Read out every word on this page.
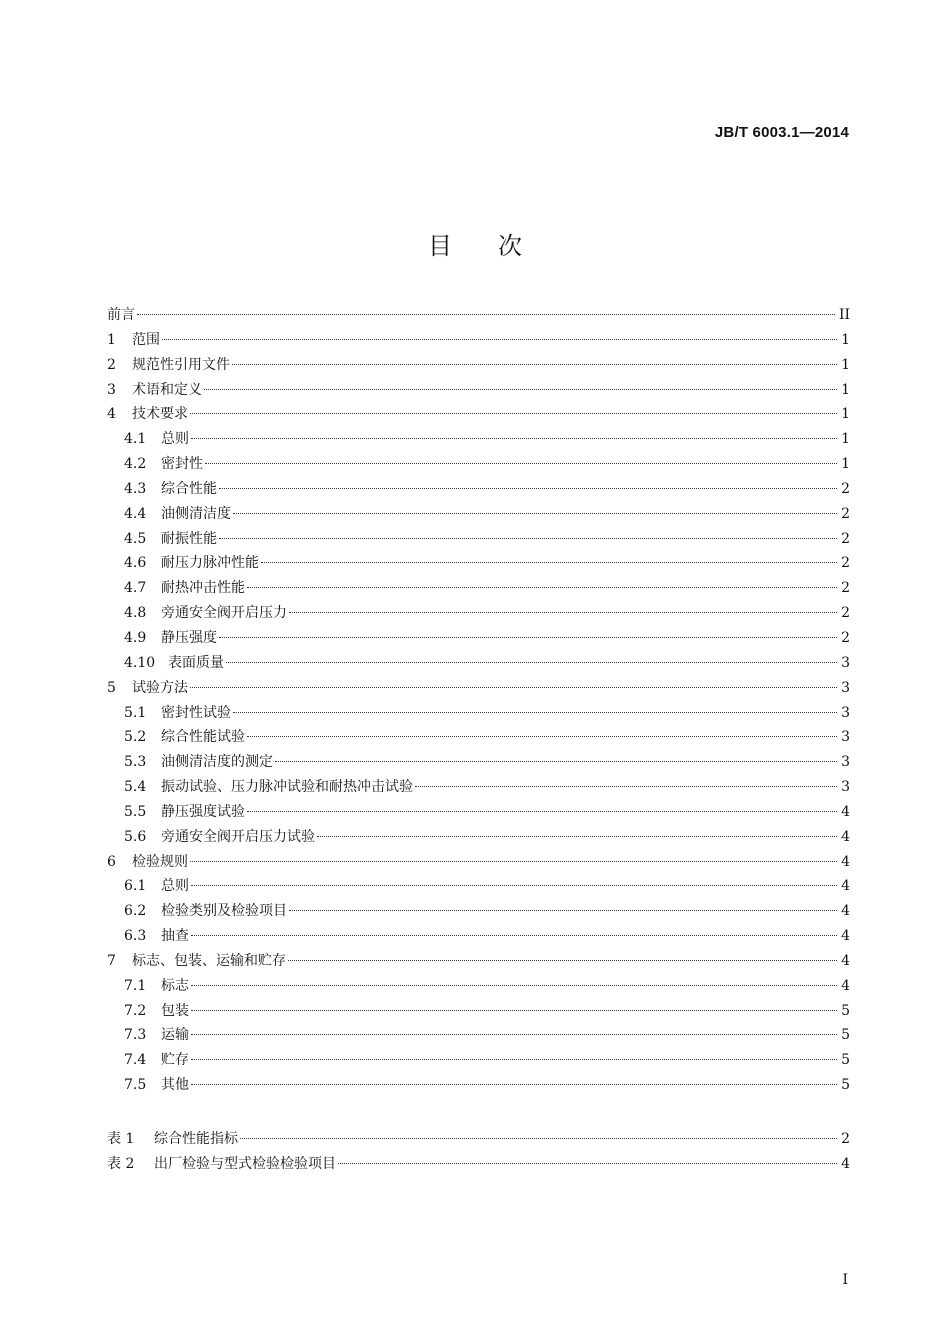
JB/T 6003.1—2014
目次
前言	II
1	范围	1
2	规范性引用文件	1
3	术语和定义	1
4	技术要求	1
4.1	总则	1
4.2	密封性	1
4.3	综合性能	2
4.4	油侧清洁度	2
4.5	耐振性能	2
4.6	耐压力脉冲性能	2
4.7	耐热冲击性能	2
4.8	旁通安全阀开启压力	2
4.9	静压强度	2
4.10 表面质量	3
5	试验方法	3
5.1	密封性试验	3
5.2	综合性能试验	3
5.3	油侧清洁度的测定	3
5.4	振动试验、压力脉冲试验和耐热冲击试验	3
5.5	静压强度试验	4
5.6	旁通安全阀开启压力试验	4
6	检验规则	4
6.1	总则	4
6.2	检验类别及检验项目	4
6.3	抽查	4
7	标志、包装、运输和贮存	4
7.1	标志	4
7.2	包装	5
7.3	运输	5
7.4	贮存	5
7.5	其他	5
表 1	综合性能指标	2
表 2	出厂检验与型式检验检验项目	4
I
